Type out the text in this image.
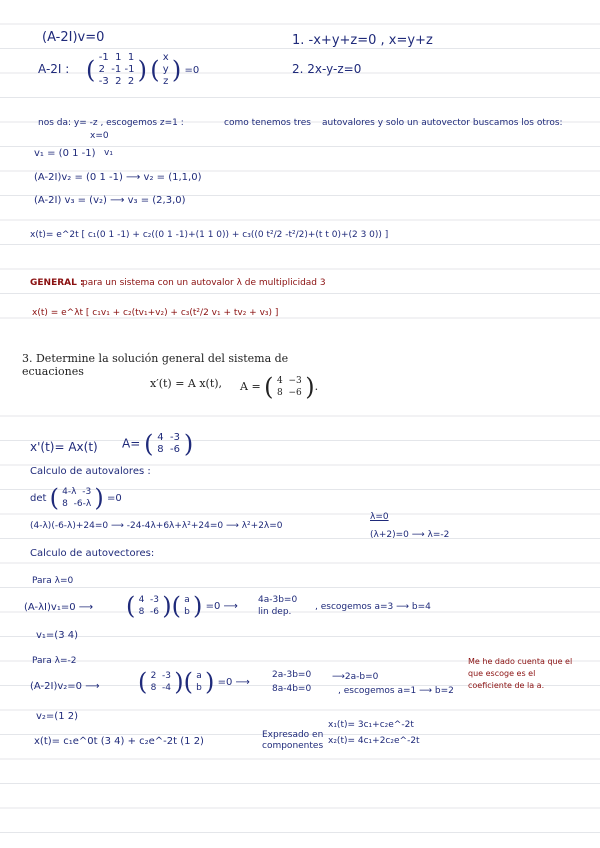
(A-2I)v=0	1. -x+y+z=0 , x=y+z
A-2I : ( -1 1 1
2 -1 -1
-3 2 2 ) ( x
y
z ) =0	2. 2x-y-z=0
nos da: y= -z , escogemos z=1 :	como tenemos tres autovalores y solo un autovector buscamos los otros:
x=0
v₁ = (0 1 -1) v₁
(A-2I)v₂ = (0 1 -1) ⟶ v₂ = (1,1,0)
(A-2I) v₃ = (v₂) ⟶ v₃ = (2,3,0)
x(t)= e^2t [ c₁(0 1 -1) + c₂((0 1 -1)+(1 1 0)) + c₃((0 t²/2 -t²/2)+(t t 0)+(2 3 0)) ]
GENERAL :
para un sistema con un autovalor λ de multiplicidad 3
x(t) = e^λt [ c₁v₁ + c₂(tv₁+v₂) + c₃(t²/2 v₁ + tv₂ + v₃) ]
3. Determine la solución general del sistema de ecuaciones
x′(t) = A x(t), A = ( 4 −3
8 −6 ).
x'(t)= Ax(t) A= ( 4 -3
8 -6 )
Calculo de autovalores :
det ( 4-λ -3
8 -6-λ ) =0
(4-λ)(-6-λ)+24=0 ⟶ -24-4λ+6λ+λ²+24=0 ⟶ λ²+2λ=0
λ=0
(λ+2)=0 ⟶ λ=-2
Calculo de autovectores:
Para λ=0
(A-λI)v₁=0 ⟶ ( 4 -3
8 -6 )( a
b ) =0 ⟶
4a-3b=0
lin dep.	, escogemos a=3 ⟶ b=4
v₁=(3 4)
Para λ=-2
(A-2I)v₂=0 ⟶ ( 2 -3
8 -4 )( a
b ) =0 ⟶
2a-3b=0
8a-4b=0
⟶2a-b=0
, escogemos a=1 ⟶ b=2
Me he dado cuenta que el que escoge es el coeficiente de la a.
v₂=(1 2)
x(t)= c₁e^0t (3 4) + c₂e^-2t (1 2)
Expresado en componentes
x₁(t)= 3c₁+c₂e^-2t
x₂(t)= 4c₁+2c₂e^-2t
